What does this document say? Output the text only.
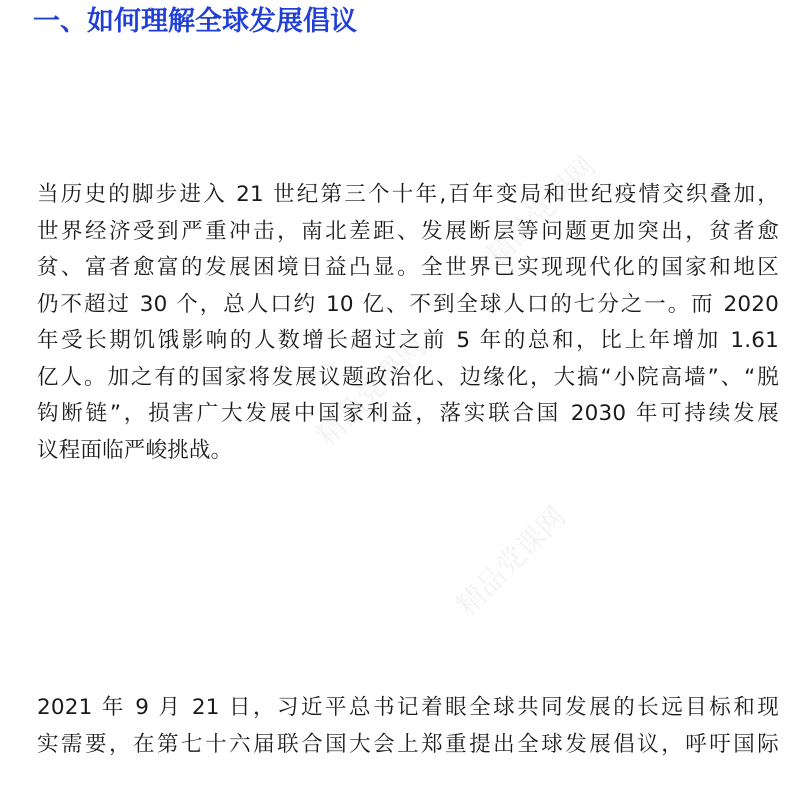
一、如何理解全球发展倡议
当历史的脚步进入 21 世纪第三个十年,百年变局和世纪疫情交织叠加，
世界经济受到严重冲击，南北差距、发展断层等问题更加突出，贫者愈
贫、富者愈富的发展困境日益凸显。全世界已实现现代化的国家和地区
仍不超过 30 个，总人口约 10 亿、不到全球人口的七分之一。而 2020
年受长期饥饿影响的人数增长超过之前 5 年的总和，比上年增加 1.61
亿人。加之有的国家将发展议题政治化、边缘化，大搞“小院高墙”、“脱
钩断链”，损害广大发展中国家利益，落实联合国 2030 年可持续发展
议程面临严峻挑战。
2021 年 9 月 21 日，习近平总书记着眼全球共同发展的长远目标和现
实需要，在第七十六届联合国大会上郑重提出全球发展倡议，呼吁国际
精品党课网
精品党课网
精品党课网
